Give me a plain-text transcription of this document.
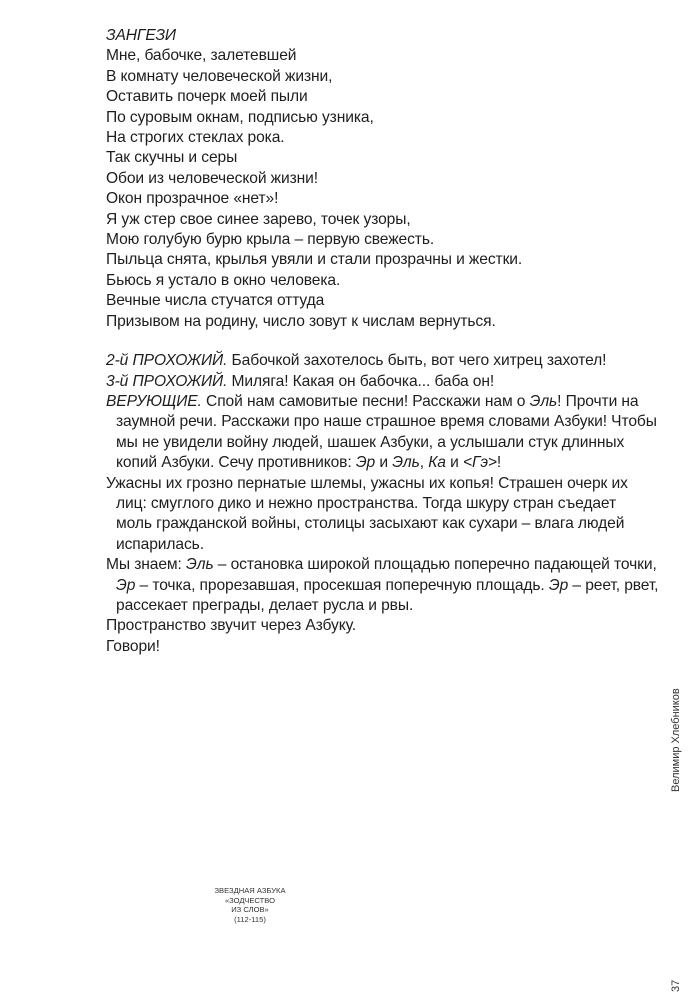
ЗАНГЕЗИ
Мне, бабочке, залетевшей
В комнату человеческой жизни,
Оставить почерк моей пыли
По суровым окнам, подписью узника,
На строгих стеклах рока.
Так скучны и серы
Обои из человеческой жизни!
Окон прозрачное «нет»!
Я уж стер свое синее зарево, точек узоры,
Мою голубую бурю крыла – первую свежесть.
Пыльца снята, крылья увяли и стали прозрачны и жестки.
Бьюсь я устало в окно человека.
Вечные числа стучатся оттуда
Призывом на родину, число зовут к числам вернуться.
2-й ПРОХОЖИЙ. Бабочкой захотелось быть, вот чего хитрец захотел!
3-й ПРОХОЖИЙ. Миляга! Какая он бабочка... баба он!
ВЕРУЮЩИЕ. Спой нам самовитые песни! Расскажи нам о Эль! Прочти на
заумной речи. Расскажи про наше страшное время словами Азбуки! Чтобы
мы не увидели войну людей, шашек Азбуки, а услышали стук длинных
копий Азбуки. Сечу противников: Эр и Эль, Ка и <Гэ>!
Ужасны их грозно пернатые шлемы, ужасны их копья! Страшен очерк их
лиц: смуглого дико и нежно пространства. Тогда шкуру стран съедает
моль гражданской войны, столицы засыхают как сухари – влага людей
испарилась.
Мы знаем: Эль – остановка широкой площадью поперечно падающей точки,
Эр – точка, прорезавшая, просекшая поперечную площадь. Эр – реет, рвет,
рассекает преграды, делает русла и рвы.
Пространство звучит через Азбуку.
Говори!
Велимир Хлебников
ЗВЕЗДНАЯ АЗБУКА
«ЗОДЧЕСТВО
ИЗ СЛОВ»
(112-115)
37
